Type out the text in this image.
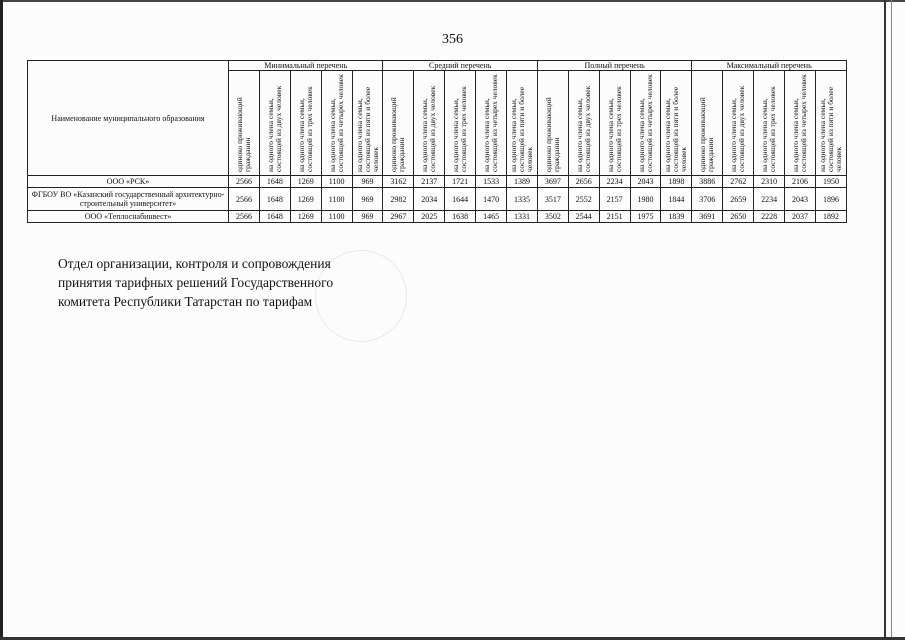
356
Наименование муниципального образования	Минимальный перечень					Средний перечень					Полный перечень					Максимальный перечень				
	одиноко проживающий гражданин	на одного члена семьи, состоящей из двух человек	на одного члена семьи, состоящей из трех человек	на одного члена семьи, состоящей из четырех человек	на одного члена семьи, состоящей из пяти и более человек	одиноко проживающий гражданин	на одного члена семьи, состоящей из двух человек	на одного члена семьи, состоящей из трех человек	на одного члена семьи, состоящей из четырех человек	на одного члена семьи, состоящей из пяти и более человек	одиноко проживающий гражданин	на одного члена семьи, состоящей из двух человек	на одного члена семьи, состоящей из трех человек	на одного члена семьи, состоящей из четырех человек	на одного члена семьи, состоящей из пяти и более человек	одиноко проживающий гражданин	на одного члена семьи, состоящей из двух человек	на одного члена семьи, состоящей из трех человек	на одного члена семьи, состоящей из четырех человек	на одного члена семьи, состоящей из пяти и более человек
ООО «РСК»	2566	1648	1269	1100	969	3162	2137	1721	1533	1389	3697	2656	2234	2043	1898	3886	2762	2310	2106	1950
ФГБОУ ВО «Казанский государственный архитектурно-строительный университет»	2566	1648	1269	1100	969	2982	2034	1644	1470	1335	3517	2552	2157	1980	1844	3706	2659	2234	2043	1896
ООО «Теплоснабинвест»	2566	1648	1269	1100	969	2967	2025	1638	1465	1331	3502	2544	2151	1975	1839	3691	2650	2228	2037	1892
Отдел организации, контроля и сопровождения
принятия тарифных решений Государственного
комитета Республики Татарстан по тарифам
